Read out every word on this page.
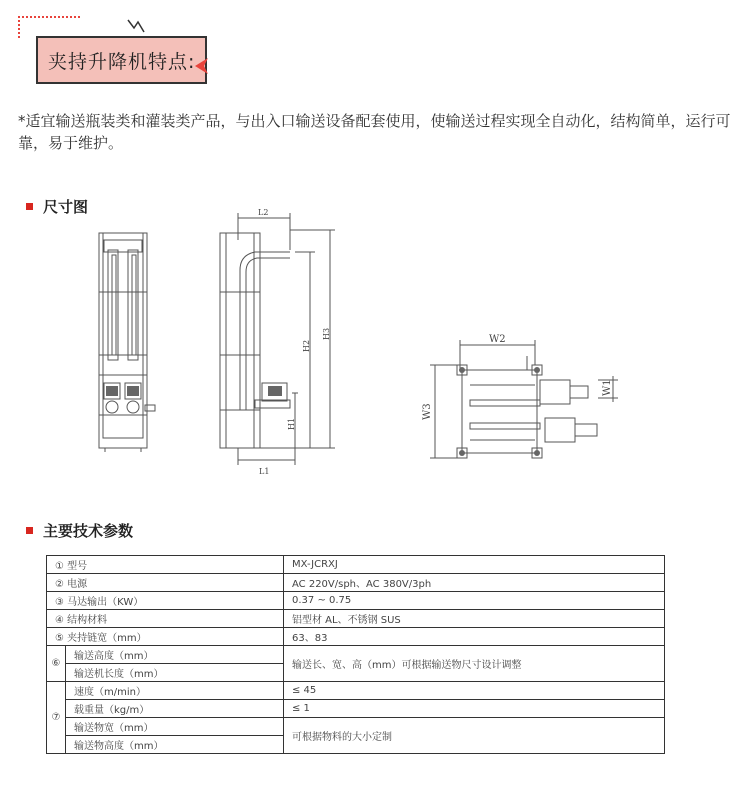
夹持升降机特点:
*适宜输送瓶装类和灌装类产品，与出入口输送设备配套使用，使输送过程实现全自动化，结构简单，运行可靠，易于维护。
尺寸图	L2
L1
H1
H2
H3	W2
W3
W1
主要技术参数
① 型号		MX-JCRXJ
② 电源		AC 220V/sph、AC 380V/3ph
③ 马达输出（KW）		0.37 ~ 0.75
④ 结构材料		铝型材 AL、不锈钢 SUS
⑤ 夹持链宽（mm）		63、83
⑥	输送高度（mm）	输送长、宽、高（mm）可根据输送物尺寸设计调整
	输送机长度（mm）	
⑦	速度（m/min）	≤ 45
	载重量（kg/m）	≤ 1
	输送物宽（mm）	可根据物料的大小定制
	输送物高度（mm）	
